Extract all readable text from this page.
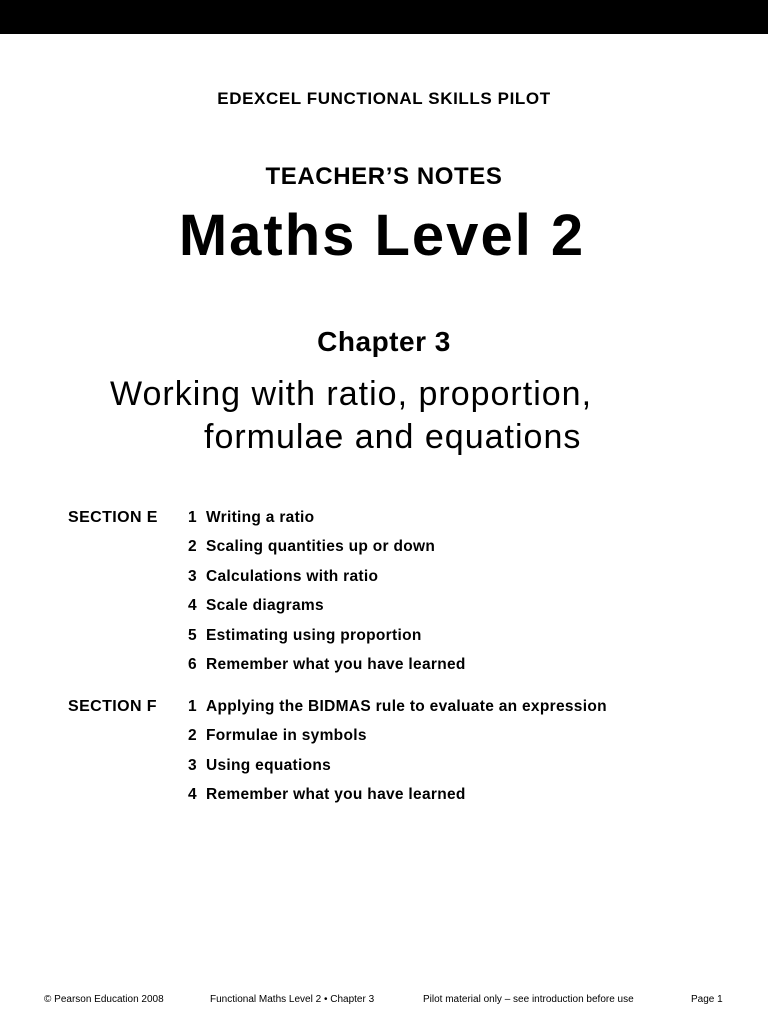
EDEXCEL FUNCTIONAL SKILLS PILOT
TEACHER’S NOTES
Maths Level 2
Chapter 3
Working with ratio, proportion,
formulae and equations
SECTION E 1 Writing a ratio
2 Scaling quantities up or down
3 Calculations with ratio
4 Scale diagrams
5 Estimating using proportion
6 Remember what you have learned
SECTION F 1 Applying the BIDMAS rule to evaluate an expression
2 Formulae in symbols
3 Using equations
4 Remember what you have learned
© Pearson Education 2008	Functional Maths Level 2 • Chapter 3	Pilot material only – see introduction before use	Page 1
